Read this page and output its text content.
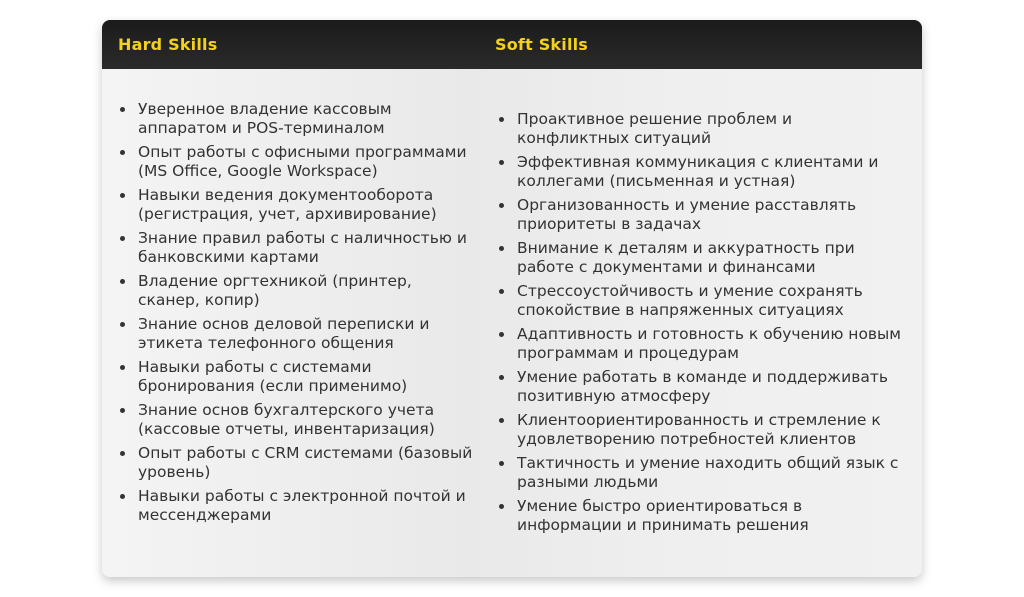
Hard Skills	Soft Skills
Уверенное владение кассовым аппаратом и POS-терминалом
Опыт работы с офисными программами (MS Office, Google Workspace)
Навыки ведения документооборота (регистрация, учет, архивирование)
Знание правил работы с наличностью и банковскими картами
Владение оргтехникой (принтер, сканер, копир)
Знание основ деловой переписки и этикета телефонного общения
Навыки работы с системами бронирования (если применимо)
Знание основ бухгалтерского учета (кассовые отчеты, инвентаризация)
Опыт работы с CRM системами (базовый уровень)
Навыки работы с электронной почтой и мессенджерами
Проактивное решение проблем и конфликтных ситуаций
Эффективная коммуникация с клиентами и коллегами (письменная и устная)
Организованность и умение расставлять приоритеты в задачах
Внимание к деталям и аккуратность при работе с документами и финансами
Стрессоустойчивость и умение сохранять спокойствие в напряженных ситуациях
Адаптивность и готовность к обучению новым программам и процедурам
Умение работать в команде и поддерживать позитивную атмосферу
Клиентоориентированность и стремление к удовлетворению потребностей клиентов
Тактичность и умение находить общий язык с разными людьми
Умение быстро ориентироваться в информации и принимать решения
